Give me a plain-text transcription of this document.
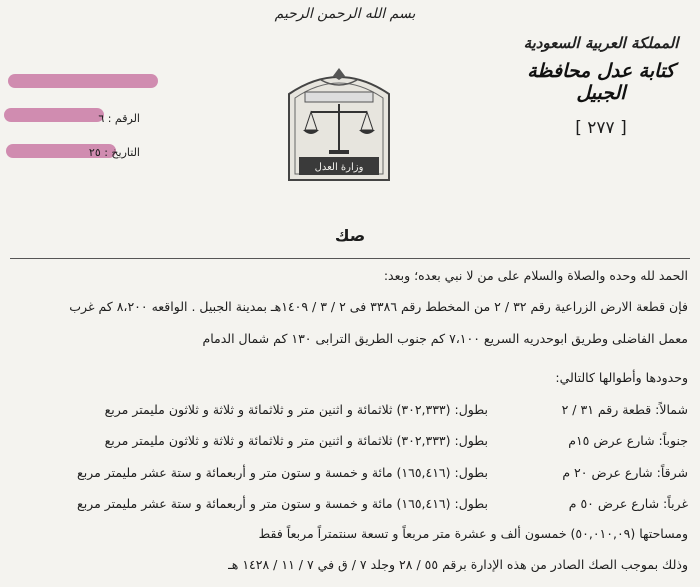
بسم الله الرحمن الرحيم
المملكة العربية السعودية
كتابة عدل محافظة الجبيل
[ ٢٧٧ ]
وزارة العدل
الرقم : ٦
التاريخ : ٢٥
صك
الحمد لله وحده والصلاة والسلام على من لا نبي بعده؛ وبعد:
فإن قطعة الارض الزراعية رقم ٣٢ / ٢ من المخطط رقم ٣٣٨٦ فى ٢ / ٣ / ١٤٠٩هـ بمدينة الجبيل . الواقعه ٨،٢٠٠ كم غرب
معمل الفاضلى وطريق ابوحدريه السريع ٧،١٠٠ كم جنوب الطريق الترابى ١٣٠ كم شمال الدمام
وحدودها وأطوالها كالتالي:
شمالاً: قطعة رقم ٣١ / ٢
بطول: (٣٠٢,٣٣٣) ثلاثمائة و اثنين متر و ثلاثمائة و ثلاثة و ثلاثون مليمتر مربع
جنوباً: شارع عرض ١٥م
بطول: (٣٠٢,٣٣٣) ثلاثمائة و اثنين متر و ثلاثمائة و ثلاثة و ثلاثون مليمتر مربع
شرقاً: شارع عرض ٢٠ م
بطول: (١٦٥,٤١٦) مائة و خمسة و ستون متر و أربعمائة و ستة عشر مليمتر مربع
غرباً: شارع عرض ٥٠ م
بطول: (١٦٥,٤١٦) مائة و خمسة و ستون متر و أربعمائة و ستة عشر مليمتر مربع
ومساحتها (٥٠,٠١٠,٠٩) خمسون ألف و عشرة متر مربعاً و تسعة سنتمتراً مربعاً فقط
وذلك بموجب الصك الصادر من هذه الإدارة برقم ٥٥ / ٢٨ وجلد ٧ / ق في ٧ / ١١ / ١٤٢٨ هـ
